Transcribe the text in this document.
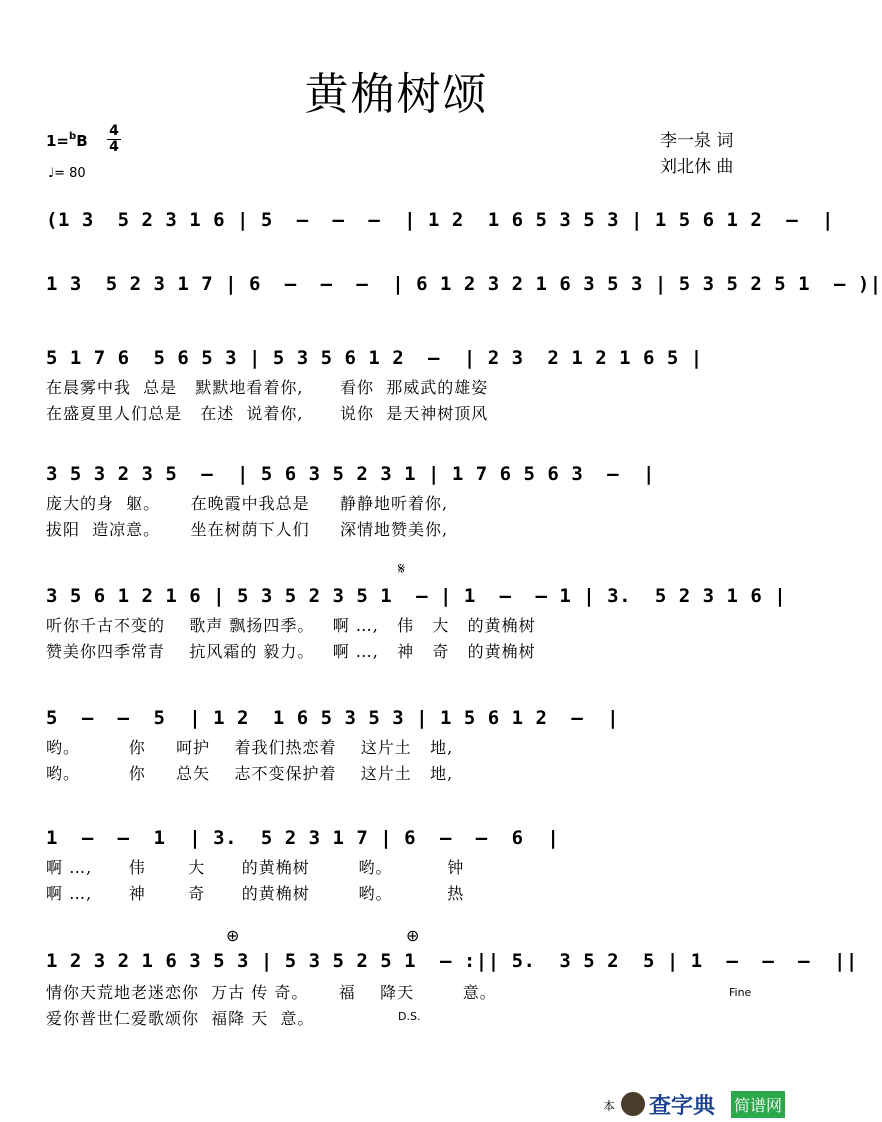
黄桷树颂
1=$^b$B
4
4
♩= 80
李一泉 词
刘北休 曲
(1 3  5 2 3 1 6 | 5  –  –  –  | 1 2  1 6 5 3 5 3 | 1 5 6 1 2  –  |
1 3  5 2 3 1 7 | 6  –  –  –  | 6 1 2 3 2 1 6 3 5 3 | 5 3 5 2 5 1  – )|
5 1 7 6  5 6 5 3 | 5 3 5 6 1 2  –  | 2 3  2 1 2 1 6 5 |
在晨雾中我  总是   默默地看着你,      看你  那威武的雄姿
在盛夏里人们总是   在述  说着你,      说你  是天神树顶风
3 5 3 2 3 5  –  | 5 6 3 5 2 3 1 | 1 7 6 5 6 3  –  |
庞大的身  躯。     在晚霞中我总是     静静地听着你,
拔阳  造凉意。     坐在树荫下人们     深情地赞美你,
𝄋
3 5 6 1 2 1 6 | 5 3 5 2 3 5 1  – | 1  –  – 1 | 3.  5 2 3 1 6 |
听你千古不变的    歌声 飘扬四季。   啊 …,   伟   大   的黄桷树
赞美你四季常青    抗风霜的 毅力。   啊 …,   神   奇   的黄桷树
5  –  –  5  | 1 2  1 6 5 3 5 3 | 1 5 6 1 2  –  |
哟。        你     呵护    着我们热恋着    这片土   地,
哟。        你     总矢    志不变保护着    这片土   地,
1  –  –  1  | 3.  5 2 3 1 7 | 6  –  –  6  |
啊 …,      伟       大      的黄桷树        哟。         钟
啊 …,      神       奇      的黄桷树        哟。         热
⊕	⊕
1 2 3 2 1 6 3 5 3 | 5 3 5 2 5 1  – :|| 5.  3 5 2  5 | 1  –  –  –  ||
情你天荒地老迷恋你  万古 传 奇。     福    降天        意。
爱你普世仁爱歌颂你  福降 天  意。
Fine
D.S.
本 查字典 简谱网
